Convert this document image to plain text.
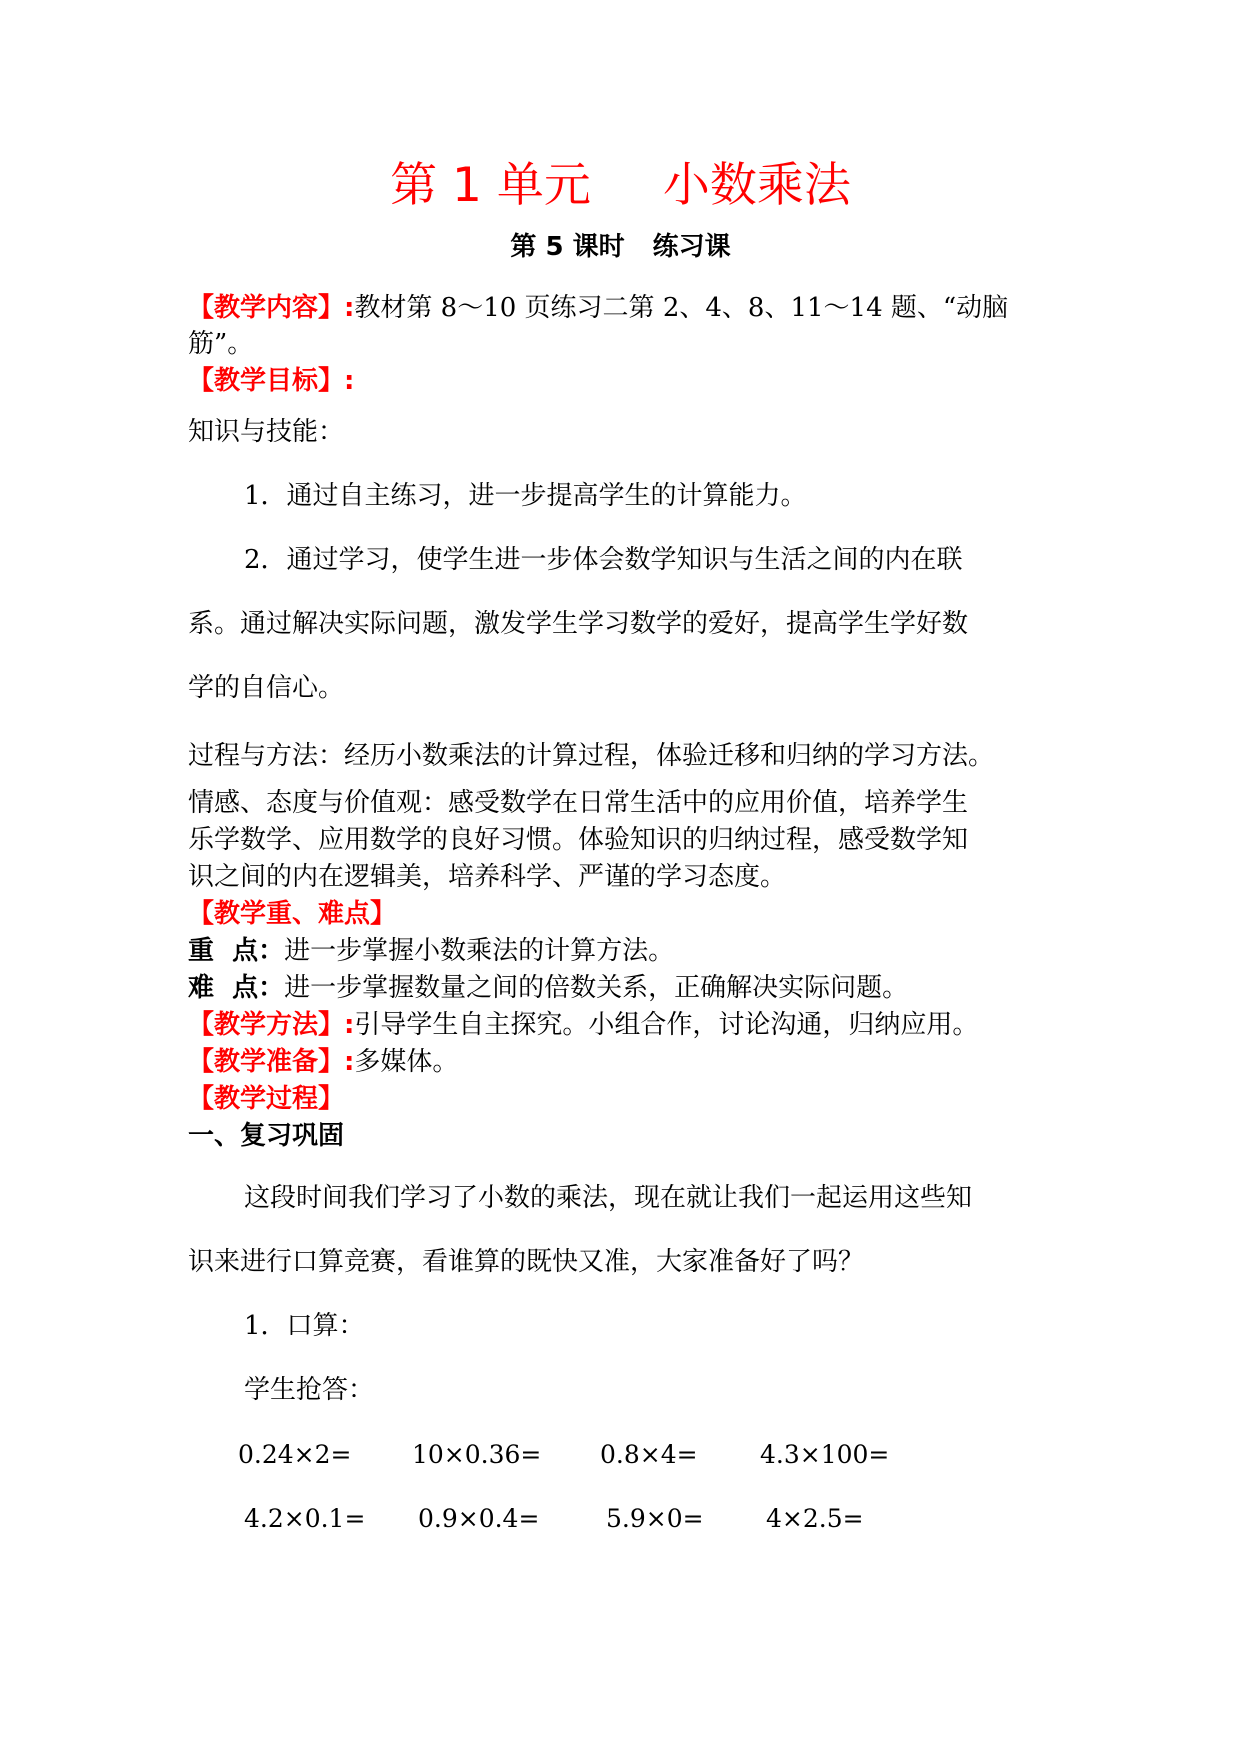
第 1 单元 小数乘法
第 5 课时 练习课
【教学内容】:教材第 8～10 页练习二第 2、4、8、11～14 题、“动脑
筋”。
【教学目标】:
知识与技能：
1．通过自主练习，进一步提高学生的计算能力。
2．通过学习，使学生进一步体会数学知识与生活之间的内在联
系。通过解决实际问题，激发学生学习数学的爱好，提高学生学好数
学的自信心。
过程与方法：经历小数乘法的计算过程，体验迁移和归纳的学习方法。
情感、态度与价值观：感受数学在日常生活中的应用价值，培养学生
乐学数学、应用数学的良好习惯。体验知识的归纳过程，感受数学知
识之间的内在逻辑美，培养科学、严谨的学习态度。
【教学重、难点】
重  点：进一步掌握小数乘法的计算方法。
难  点：进一步掌握数量之间的倍数关系，正确解决实际问题。
【教学方法】:引导学生自主探究。小组合作，讨论沟通，归纳应用。
【教学准备】:多媒体。
【教学过程】
一、复习巩固
这段时间我们学习了小数的乘法，现在就让我们一起运用这些知
识来进行口算竞赛，看谁算的既快又准，大家准备好了吗？
1．口算：
学生抢答：
0.24×2= 10×0.36= 0.8×4= 4.3×100=
4.2×0.1= 0.9×0.4=	5.9×0= 4×2.5=
